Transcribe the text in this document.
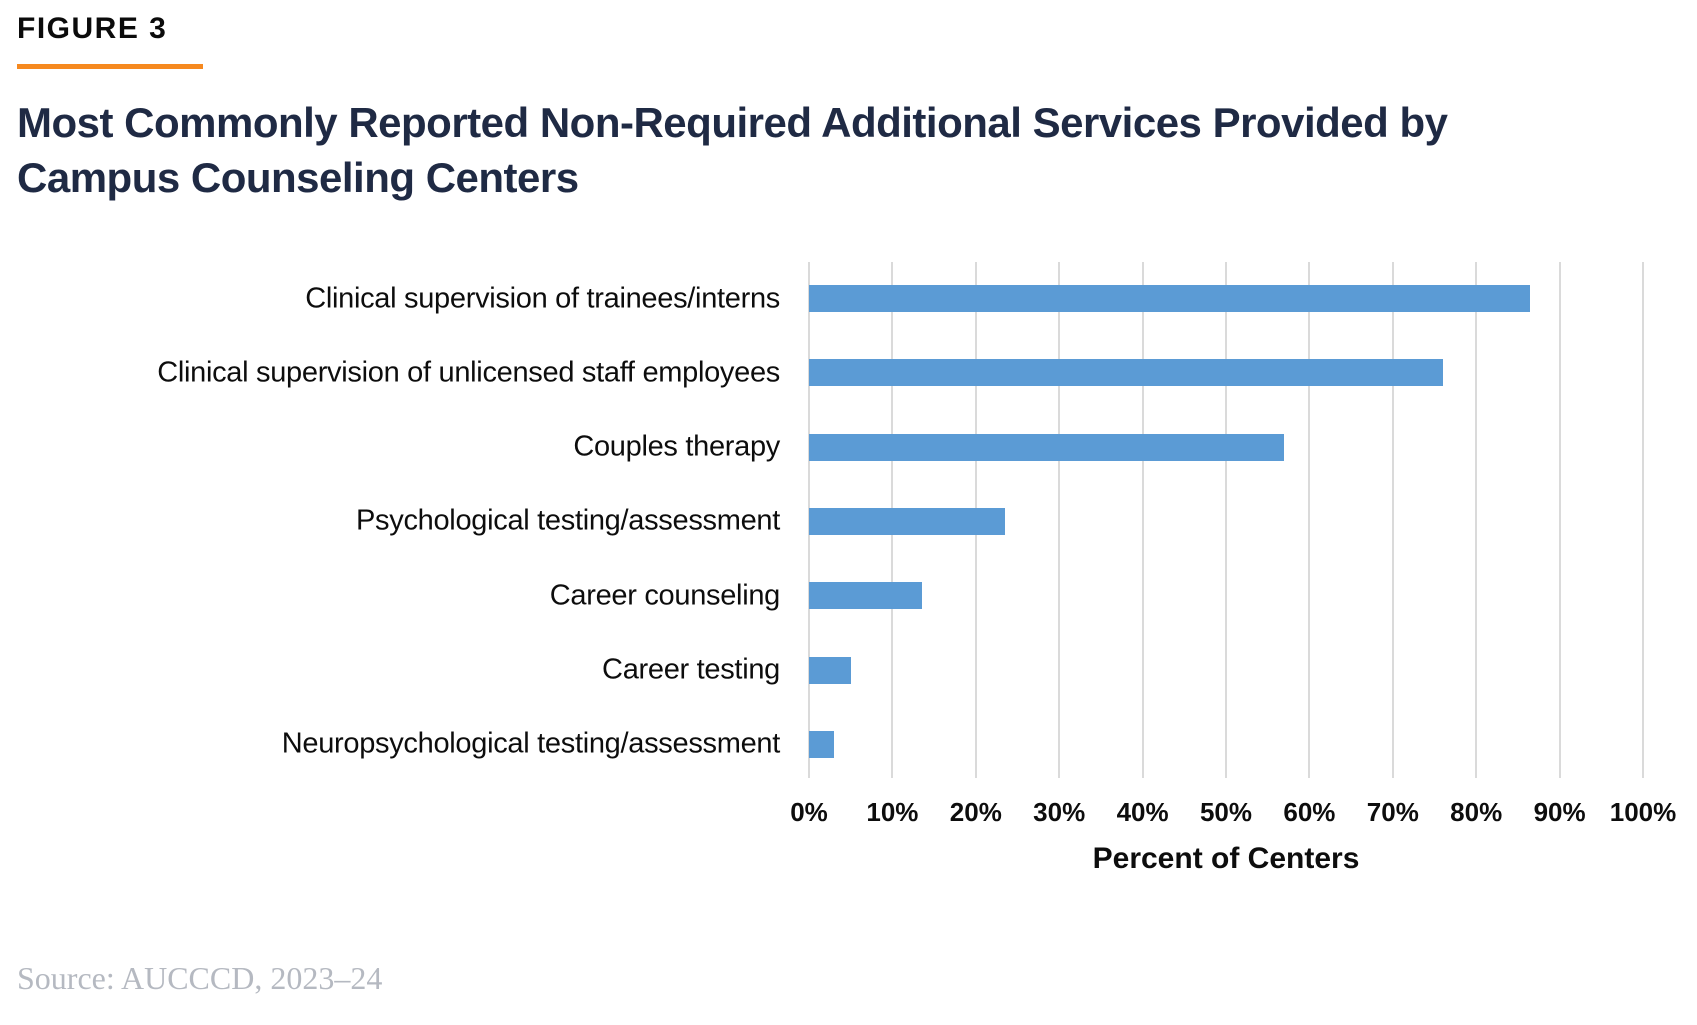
FIGURE 3
Most Commonly Reported Non-Required Additional Services Provided by Campus Counseling Centers
Clinical supervision of trainees/interns
Clinical supervision of unlicensed staff employees
Couples therapy
Psychological testing/assessment
Career counseling
Career testing
Neuropsychological testing/assessment
0% 10% 20% 30% 40% 50% 60% 70% 80% 90% 100%
Percent of Centers
Source: AUCCCD, 2023–24
